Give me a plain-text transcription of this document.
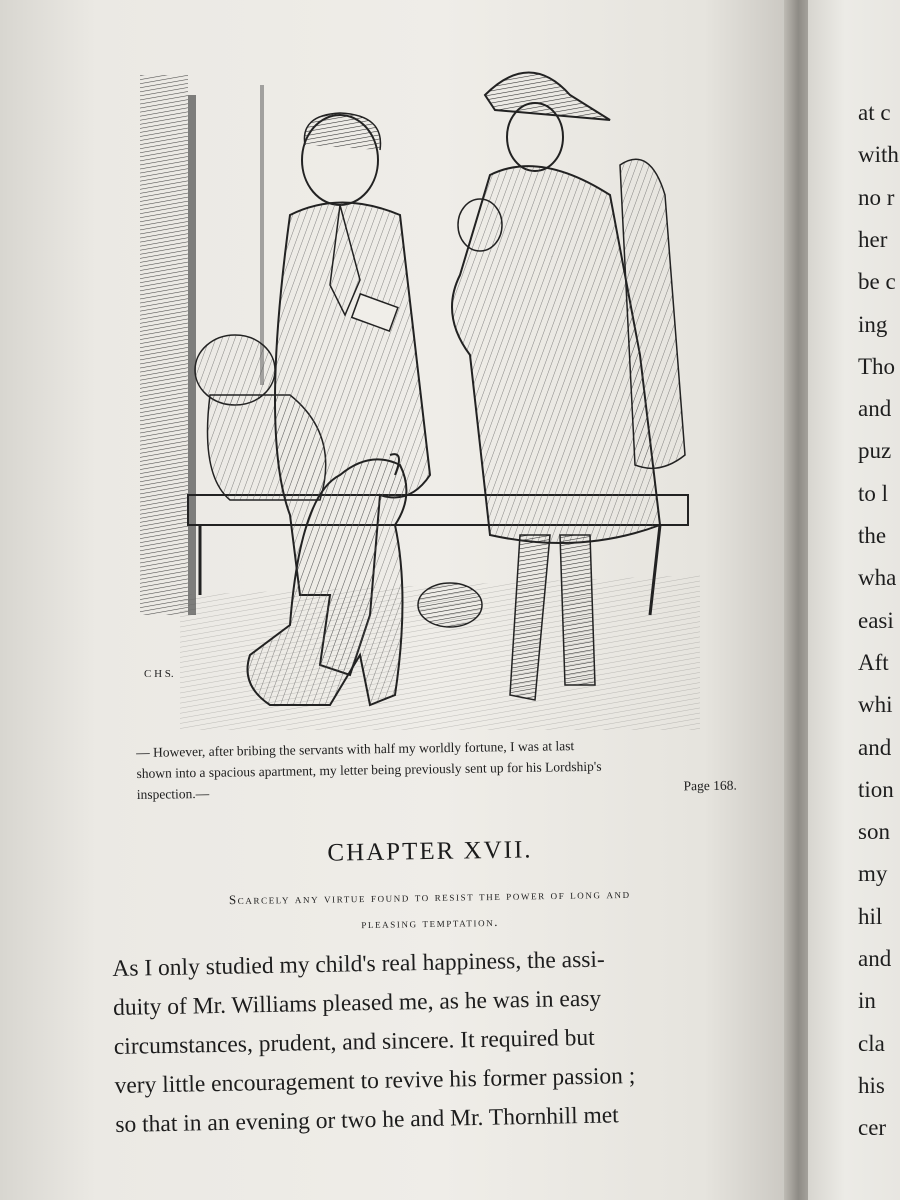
C H S.
— However, after bribing the servants with half my worldly fortune, I was at last
shown into a spacious apartment, my letter being previously sent up for his Lordship's
inspection.—
Page 168.
CHAPTER XVII.
Scarcely any virtue found to resist the power of long and
pleasing temptation.
As I only studied my child's real happiness, the assi-
duity of Mr. Williams pleased me, as he was in easy
circumstances, prudent, and sincere. It required but
very little encouragement to revive his former passion ;
so that in an evening or two he and Mr. Thornhill met
at c
with
no r
her
be c
ing
Tho
and
puz
to l
the
wha
easi
Aft
whi
and
tion
son
my
hil
and
in
cla
his
cer
